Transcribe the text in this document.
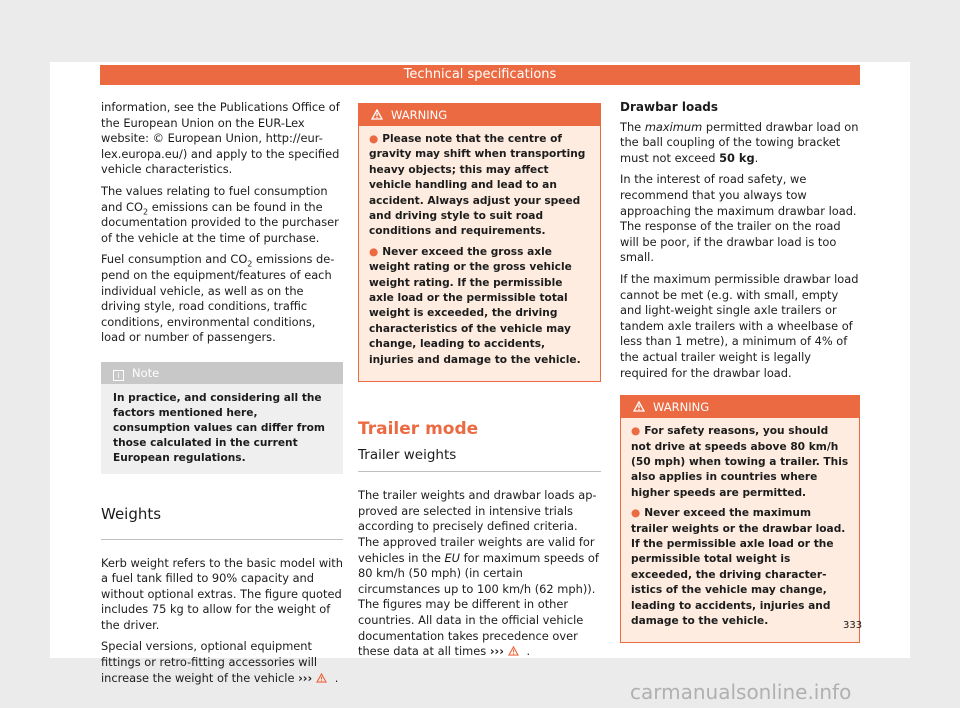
Technical specifications

information, see the Publications Office of the European Union on the EUR-Lex website: © European Union, http://eur-lex.europa.eu/) and apply to the specified vehicle characteristics.

The values relating to fuel consumption and $CO_2$ emissions can be found in the documentation provided to the purchaser of the vehicle at the time of purchase.

Fuel consumption and $CO_2$ emissions depend on the equipment/features of each individual vehicle, as well as on the driving style, road conditions, traffic conditions, environmental conditions, load or number of passengers.

i Note
In practice, and considering all the factors mentioned here, consumption values can differ from those calculated in the current European regulations.
Weights

Kerb weight refers to the basic model with a fuel tank filled to 90% capacity and without optional extras. The figure quoted includes 75 kg to allow for the weight of the driver.

Special versions, optional equipment fittings or retro-fitting accessories will increase the weight of the vehicle ››› .

WARNING

● Please note that the centre of gravity may shift when transporting heavy objects; this may affect vehicle handling and lead to an accident. Always adjust your speed and driving style to suit road conditions and requirements.

● Never exceed the gross axle weight rating or the gross vehicle weight rating. If the permissible axle load or the permissible total weight is exceeded, the driving characteristics of the vehicle may change, leading to accidents, injuries and damage to the vehicle.

Trailer mode
Trailer weights

The trailer weights and drawbar loads approved are selected in intensive trials according to precisely defined criteria. The approved trailer weights are valid for vehicles in the EU for maximum speeds of 80 km/h (50 mph) (in certain circumstances up to 100 km/h (62 mph)). The figures may be different in other countries. All data in the official vehicle documentation takes precedence over these data at all times ››› .

Drawbar loads

The maximum permitted drawbar load on the ball coupling of the towing bracket must not exceed 50 kg.

In the interest of road safety, we recommend that you always tow approaching the maximum drawbar load. The response of the trailer on the road will be poor, if the drawbar load is too small.

If the maximum permissible drawbar load cannot be met (e.g. with small, empty and light-weight single axle trailers or tandem axle trailers with a wheelbase of less than 1 metre), a minimum of 4% of the actual trailer weight is legally required for the drawbar load.

WARNING

● For safety reasons, you should not drive at speeds above 80 km/h (50 mph) when towing a trailer. This also applies in countries where higher speeds are permitted.

● Never exceed the maximum trailer weights or the drawbar load. If the permissible axle load or the permissible total weight is exceeded, the driving characteristics of the vehicle may change, leading to accidents, injuries and damage to the vehicle.	333
carmanualsonline.info
